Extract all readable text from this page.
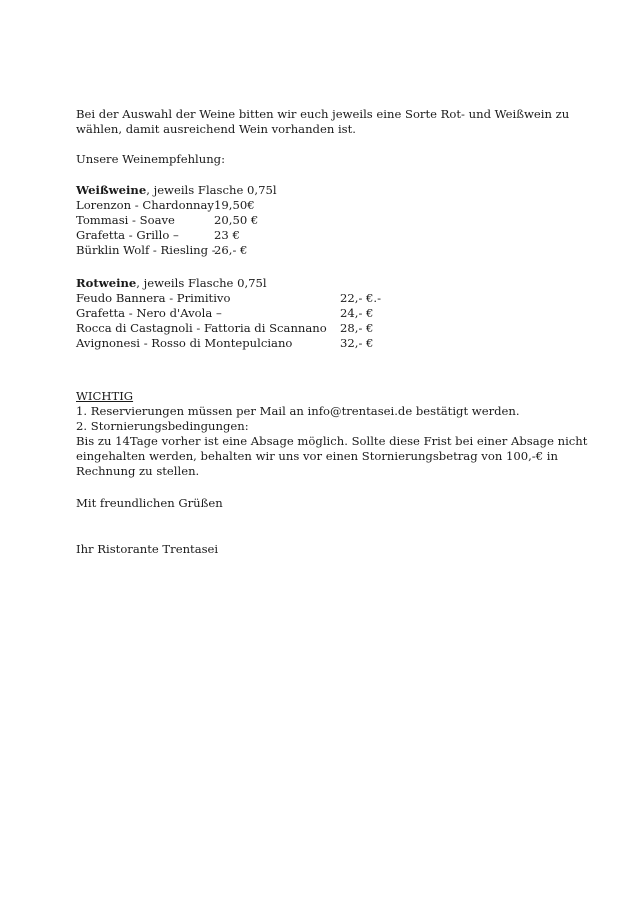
Bei der Auswahl der Weine bitten wir euch jeweils eine Sorte Rot- und Weißwein zu
wählen, damit ausreichend Wein vorhanden ist.
Unsere Weinempfehlung:
Weißweine, jeweils Flasche 0,75l
Lorenzon - Chardonnay19,50€
Tommasi - Soave	20,50 €
Grafetta - Grillo –	23 €
Bürklin Wolf - Riesling -26,- €
Rotweine, jeweils Flasche 0,75l
Feudo Bannera - Primitivo	22,- €.-
Grafetta - Nero d'Avola –	24,- €
Rocca di Castagnoli - Fattoria di Scannano 28,- €
Avignonesi - Rosso di Montepulciano	32,- €
WICHTIG
1. Reservierungen müssen per Mail an info@trentasei.de bestätigt werden.
2. Stornierungsbedingungen:
Bis zu 14Tage vorher ist eine Absage möglich. Sollte diese Frist bei einer Absage nicht
eingehalten werden, behalten wir uns vor einen Stornierungsbetrag von 100,-€ in
Rechnung zu stellen.
Mit freundlichen Grüßen
Ihr Ristorante Trentasei
